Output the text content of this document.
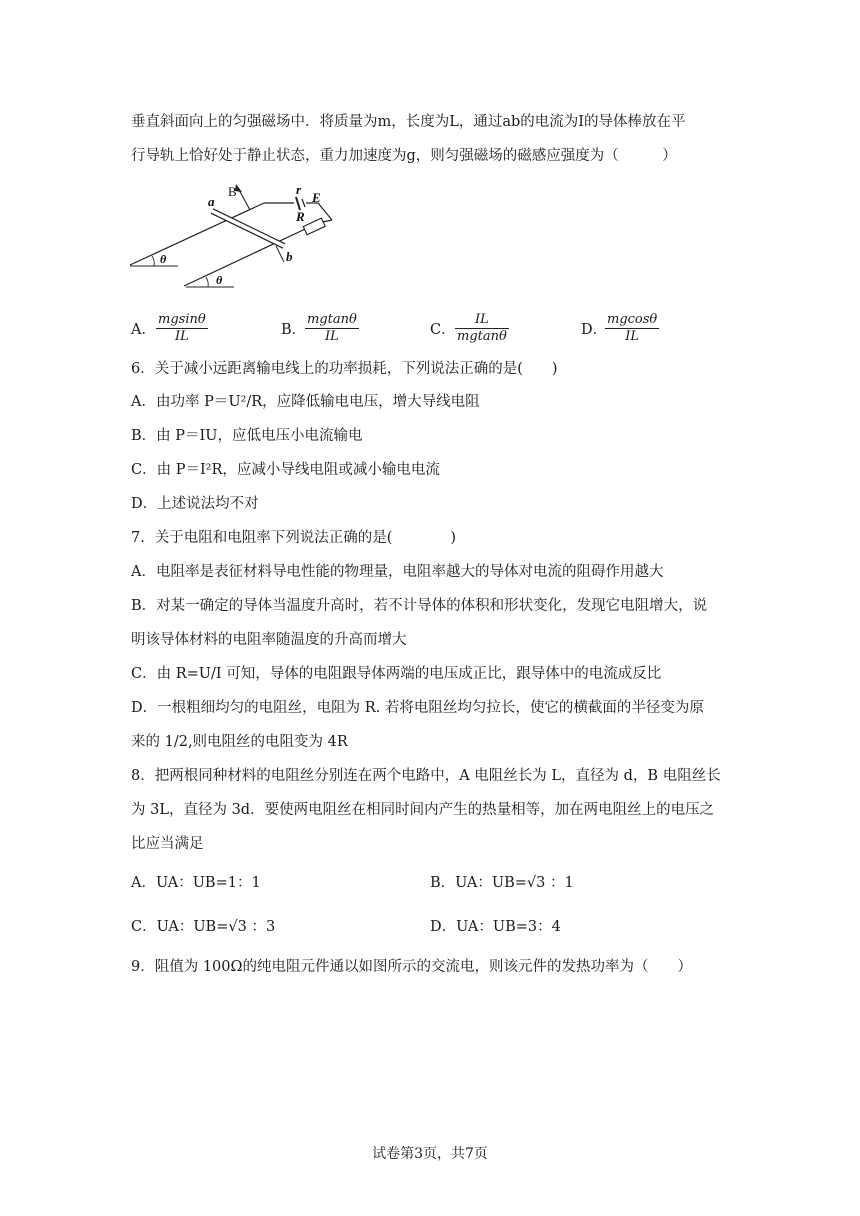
垂直斜面向上的匀强磁场中．将质量为m，长度为L，通过ab的电流为I的导体棒放在平
行导轨上恰好处于静止状态，重力加速度为g，则匀强磁场的磁感应强度为（　　　）
B
a
b
r
E
R
θ
θ
A． $\frac{mgsin\theta}{IL}$	B．
$\frac{mgtan\theta}{IL}$	C． $\frac{IL}{mgtan\theta}$	D．
$\frac{mgcos\theta}{IL}$
6．关于减小远距离输电线上的功率损耗，下列说法正确的是(　　)
A．由功率 P＝U²/R，应降低输电电压，增大导线电阻
B．由 P＝IU，应低电压小电流输电
C．由 P＝I²R，应减小导线电阻或减小输电电流
D．上述说法均不对
7．关于电阻和电阻率下列说法正确的是(　　　　)
A．电阻率是表征材料导电性能的物理量，电阻率越大的导体对电流的阻碍作用越大
B．对某一确定的导体当温度升高时，若不计导体的体积和形状变化，发现它电阻增大，说
明该导体材料的电阻率随温度的升高而增大
C．由 R=U/I 可知，导体的电阻跟导体两端的电压成正比，跟导体中的电流成反比
D．一根粗细均匀的电阻丝，电阻为 R. 若将电阻丝均匀拉长，使它的横截面的半径变为原
来的 1/2,则电阻丝的电阻变为 4R
8．把两根同种材料的电阻丝分别连在两个电路中，A 电阻丝长为 L，直径为 d，B 电阻丝长
为 3L，直径为 3d．要使两电阻丝在相同时间内产生的热量相等，加在两电阻丝上的电压之
比应当满足
A．UA：UB=1：1	B．UA：UB=√3 ：1
C．UA：UB=√3 ：3	D．UA：UB=3：4
9．阻值为 100Ω的纯电阻元件通以如图所示的交流电，则该元件的发热功率为（　　）
试卷第3页，共7页
